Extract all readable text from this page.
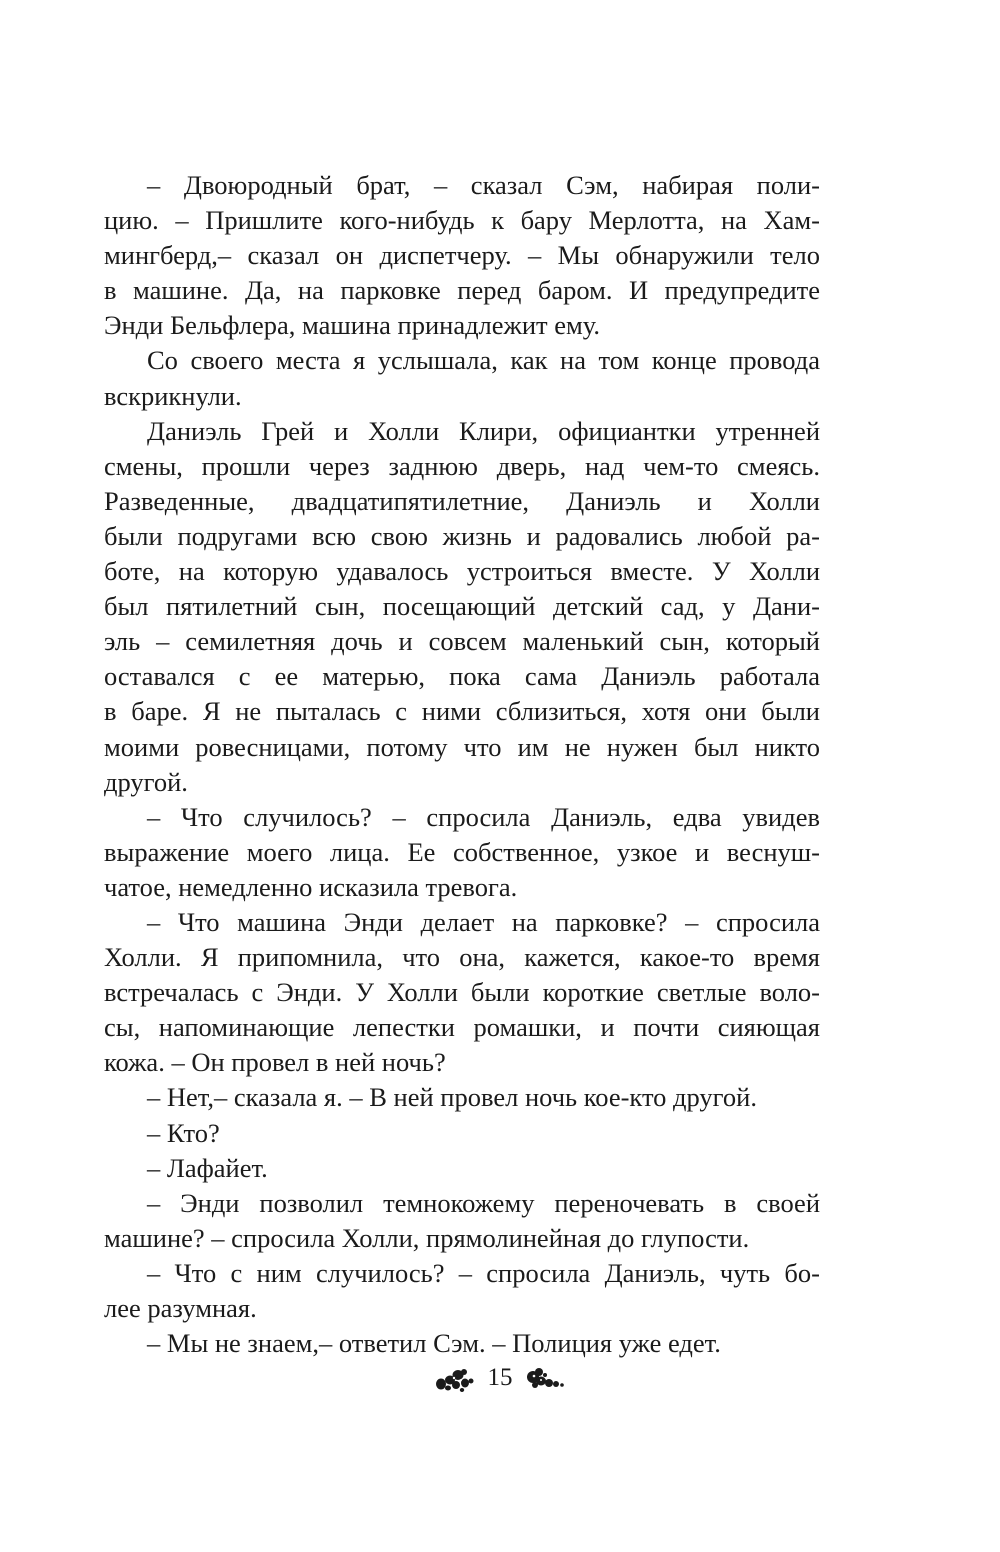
– Двоюродный брат, – сказал Сэм, набирая поли-
цию. – Пришлите кого-нибудь к бару Мерлотта, на Хам-
мингберд,– сказал он диспетчеру. – Мы обнаружили тело
в машине. Да, на парковке перед баром. И предупредите
Энди Бельфлера, машина принадлежит ему.
Со своего места я услышала, как на том конце провода
вскрикнули.
Даниэль Грей и Холли Клири, официантки утренней
смены, прошли через заднюю дверь, над чем-то смеясь.
Разведенные, двадцатипятилетние, Даниэль и Холли
были подругами всю свою жизнь и радовались любой ра-
боте, на которую удавалось устроиться вместе. У Холли
был пятилетний сын, посещающий детский сад, у Дани-
эль – семилетняя дочь и совсем маленький сын, который
оставался с ее матерью, пока сама Даниэль работала
в баре. Я не пыталась с ними сблизиться, хотя они были
моими ровесницами, потому что им не нужен был никто
другой.
– Что случилось? – спросила Даниэль, едва увидев
выражение моего лица. Ее собственное, узкое и веснуш-
чатое, немедленно исказила тревога.
– Что машина Энди делает на парковке? – спросила
Холли. Я припомнила, что она, кажется, какое-то время
встречалась с Энди. У Холли были короткие светлые воло-
сы, напоминающие лепестки ромашки, и почти сияющая
кожа. – Он провел в ней ночь?
– Нет,– сказала я. – В ней провел ночь кое-кто другой.
– Кто?
– Лафайет.
– Энди позволил темнокожему переночевать в своей
машине? – спросила Холли, прямолинейная до глупости.
– Что с ним случилось? – спросила Даниэль, чуть бо-
лее разумная.
– Мы не знаем,– ответил Сэм. – Полиция уже едет.
15
